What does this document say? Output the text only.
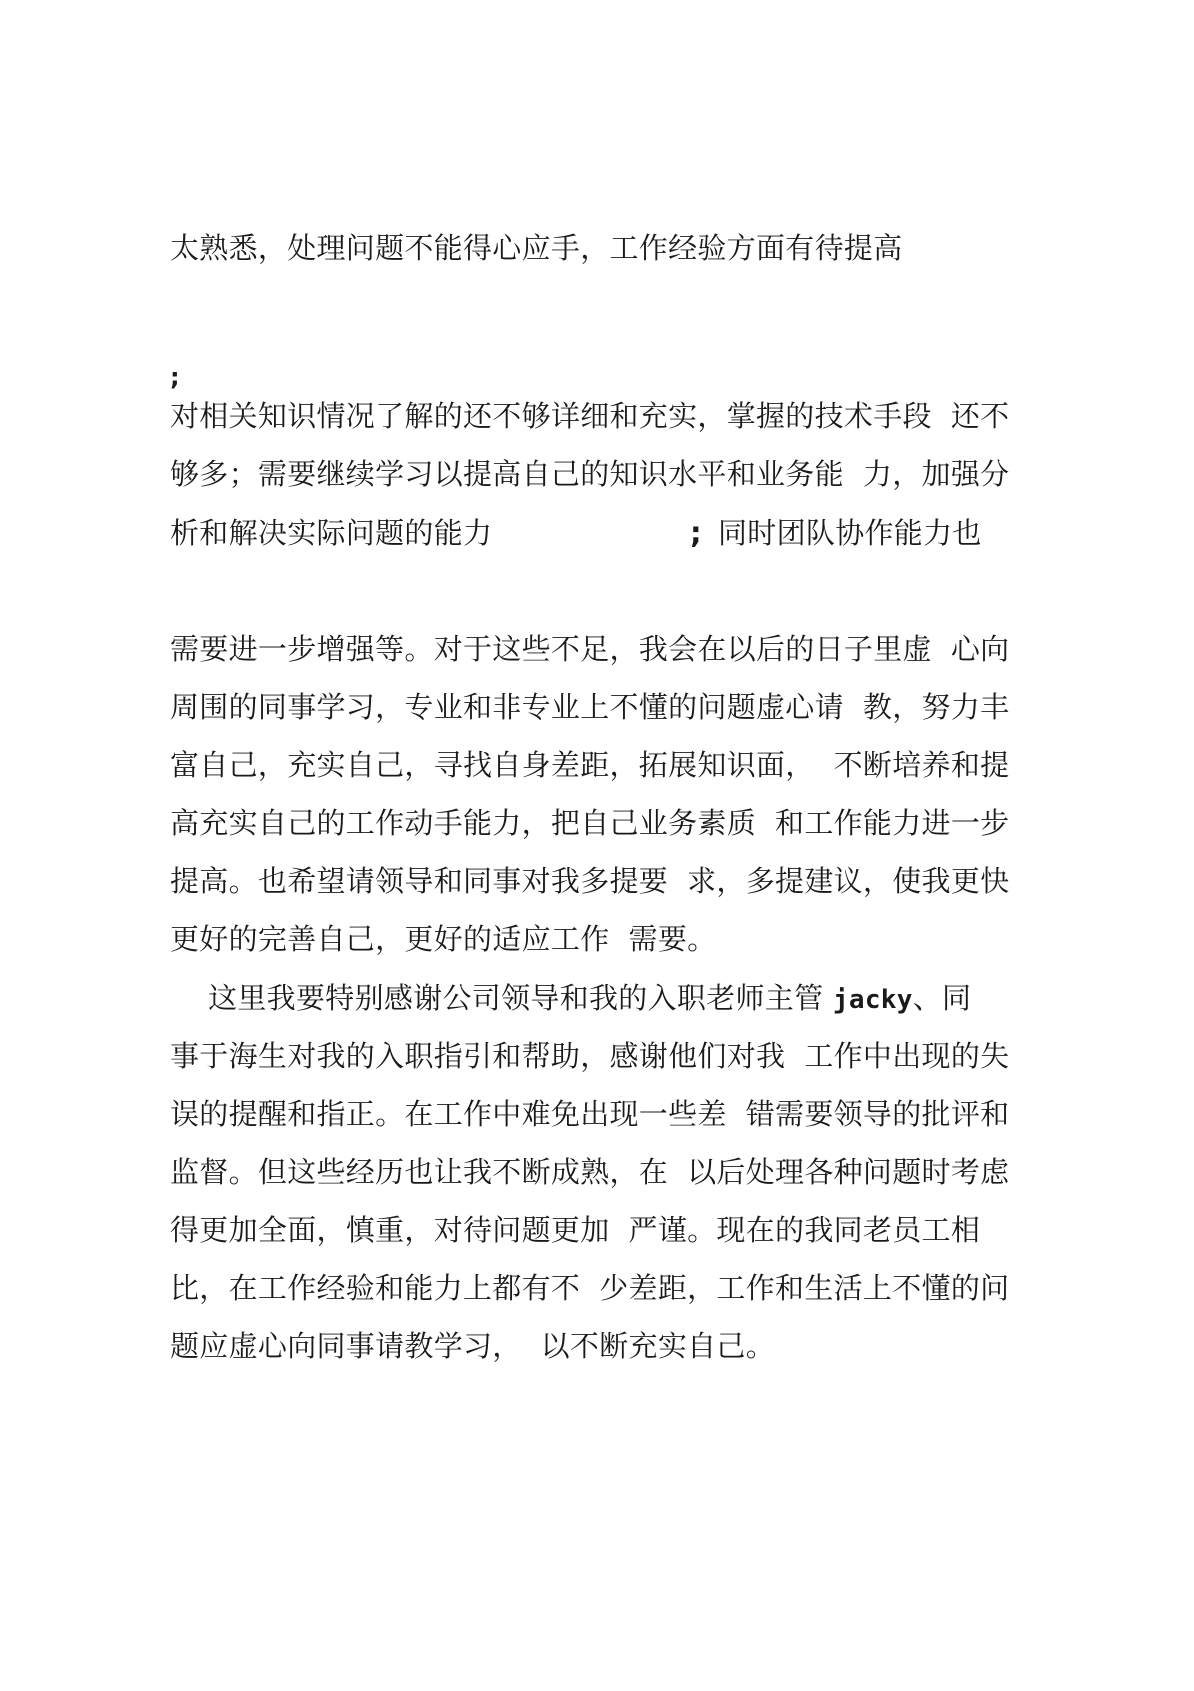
太熟悉，处理问题不能得心应手，工作经验方面有待提高
;
对相关知识情况了解的还不够详细和充实，掌握的技术手段  还不
够多；需要继续学习以提高自己的知识水平和业务能  力，加强分
析和解决实际问题的能力	; 同时团队协作能力也
需要进一步增强等。对于这些不足，我会在以后的日子里虚  心向
周围的同事学习，专业和非专业上不懂的问题虚心请  教，努力丰
富自己，充实自己，寻找自身差距，拓展知识面，  不断培养和提
高充实自己的工作动手能力，把自己业务素质  和工作能力进一步
提高。也希望请领导和同事对我多提要  求，多提建议，使我更快
更好的完善自己，更好的适应工作  需要。
这里我要特别感谢公司领导和我的入职老师主管 jacky、同
事于海生对我的入职指引和帮助，感谢他们对我  工作中出现的失
误的提醒和指正。在工作中难免出现一些差  错需要领导的批评和
监督。但这些经历也让我不断成熟，在  以后处理各种问题时考虑
得更加全面，慎重，对待问题更加  严谨。现在的我同老员工相
比，在工作经验和能力上都有不  少差距，工作和生活上不懂的问
题应虚心向同事请教学习，  以不断充实自己。
